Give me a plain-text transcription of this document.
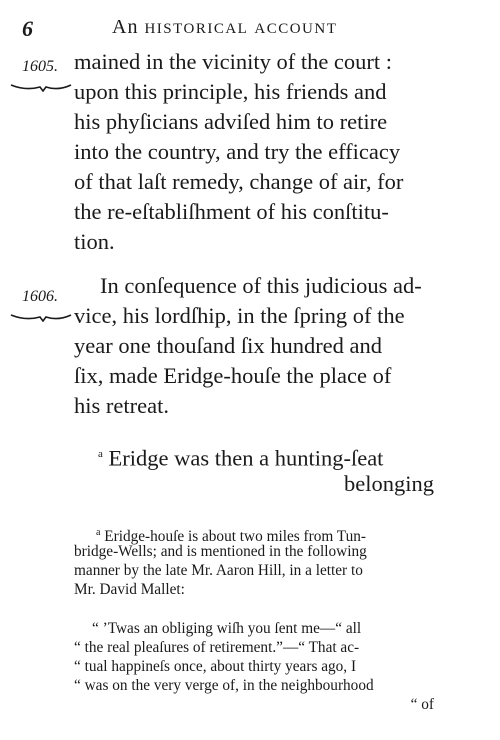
6	An HISTORICAL ACCOUNT
1605. mained in the vicinity of the court :
upon this principle, his friends and
his phyſicians adviſed him to retire
into the country, and try the efficacy
of that laſt remedy, change of air, for
the re-eſtabliſhment of his conſtitu-
tion.
1606. In conſequence of this judicious ad-
vice, his lordſhip, in the ſpring of the
year one thouſand ſix hundred and
ſix, made Eridge-houſe the place of
his retreat.
$^a$ Eridge was then a hunting-ſeat
belonging
$^a$ Eridge-houſe is about two miles from Tun-
bridge-Wells; and is mentioned in the following
manner by the late Mr. Aaron Hill, in a letter to
Mr. David Mallet:
“ ’Twas an obliging wiſh you ſent me—“ all
“ the real pleaſures of retirement.”—“ That ac-
“ tual happineſs once, about thirty years ago, I
“ was on the very verge of, in the neighbourhood
“ of
